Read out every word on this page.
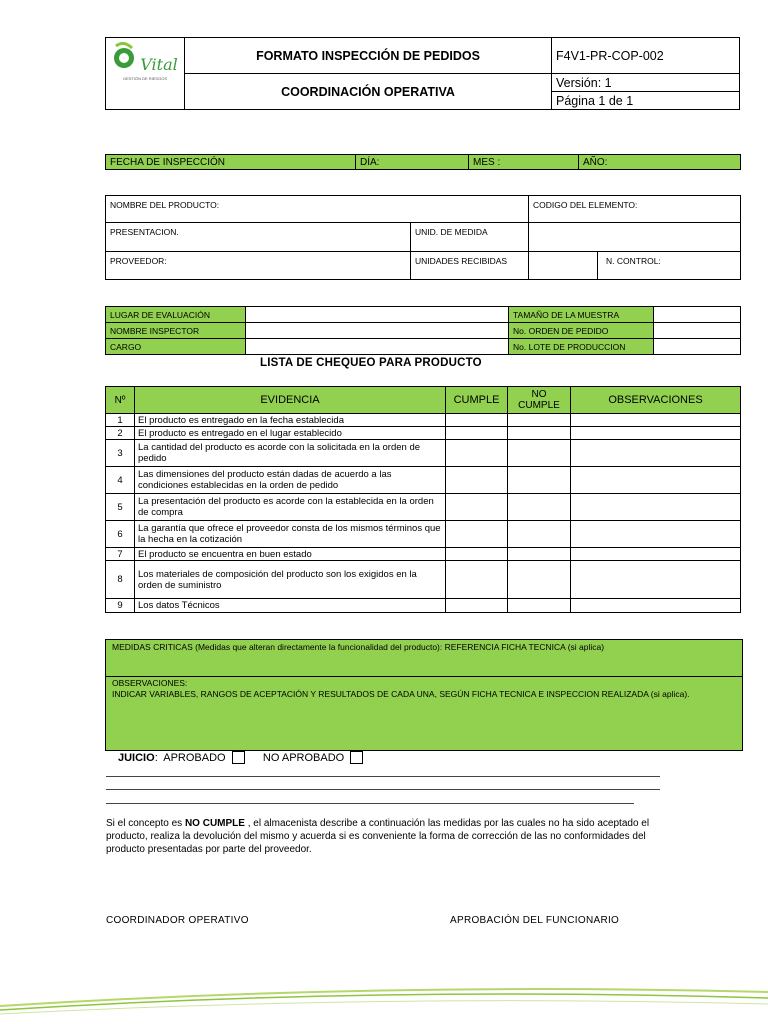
Vital
GESTIÓN DE RIESGOS	FORMATO INSPECCIÓN DE PEDIDOS	F4V1-PR-COP-002
	COORDINACIÓN OPERATIVA	Versión: 1
		Página 1 de 1
FECHA DE INSPECCIÓN	DÍA:	MES :	AÑO:
NOMBRE DEL PRODUCTO:		CODIGO DEL ELEMENTO:	
PRESENTACION.	UNID. DE MEDIDA		
PROVEEDOR:	UNIDADES RECIBIDAS		N. CONTROL:
LUGAR DE EVALUACIÓN		TAMAÑO DE LA MUESTRA	
NOMBRE INSPECTOR		No. ORDEN DE PEDIDO	
CARGO		No. LOTE DE PRODUCCION	
LISTA DE CHEQUEO PARA PRODUCTO
Nº	EVIDENCIA	CUMPLE	NO CUMPLE	OBSERVACIONES
1	El producto es entregado en la fecha establecida			
2	El producto es entregado en el lugar establecido			
3	La cantidad del producto es acorde con la solicitada en la orden de pedido			
4	Las dimensiones del producto están dadas de acuerdo a las condiciones establecidas en la orden de pedido			
5	La presentación del producto es acorde con la establecida en la orden de compra			
6	La garantía que ofrece el proveedor consta de los mismos términos que la hecha en la cotización			
7	El producto se encuentra en buen estado			
8	Los materiales de composición del producto son los exigidos en la orden de suministro			
9	Los datos Técnicos			
MEDIDAS CRITICAS (Medidas que alteran directamente la funcionalidad del producto): REFERENCIA FICHA TECNICA (si aplica)
OBSERVACIONES:
INDICAR VARIABLES, RANGOS DE ACEPTACIÓN Y RESULTADOS DE CADA UNA, SEGÚN FICHA TECNICA E INSPECCION REALIZADA (si aplica).
JUICIO:  APROBADO	NO APROBADO
Si el concepto es NO CUMPLE , el almacenista describe a continuación las medidas por las cuales no ha sido aceptado el producto, realiza la devolución del mismo y acuerda si es conveniente la forma de corrección de las no conformidades del producto presentadas por parte del proveedor.
COORDINADOR OPERATIVO	APROBACIÓN DEL FUNCIONARIO
